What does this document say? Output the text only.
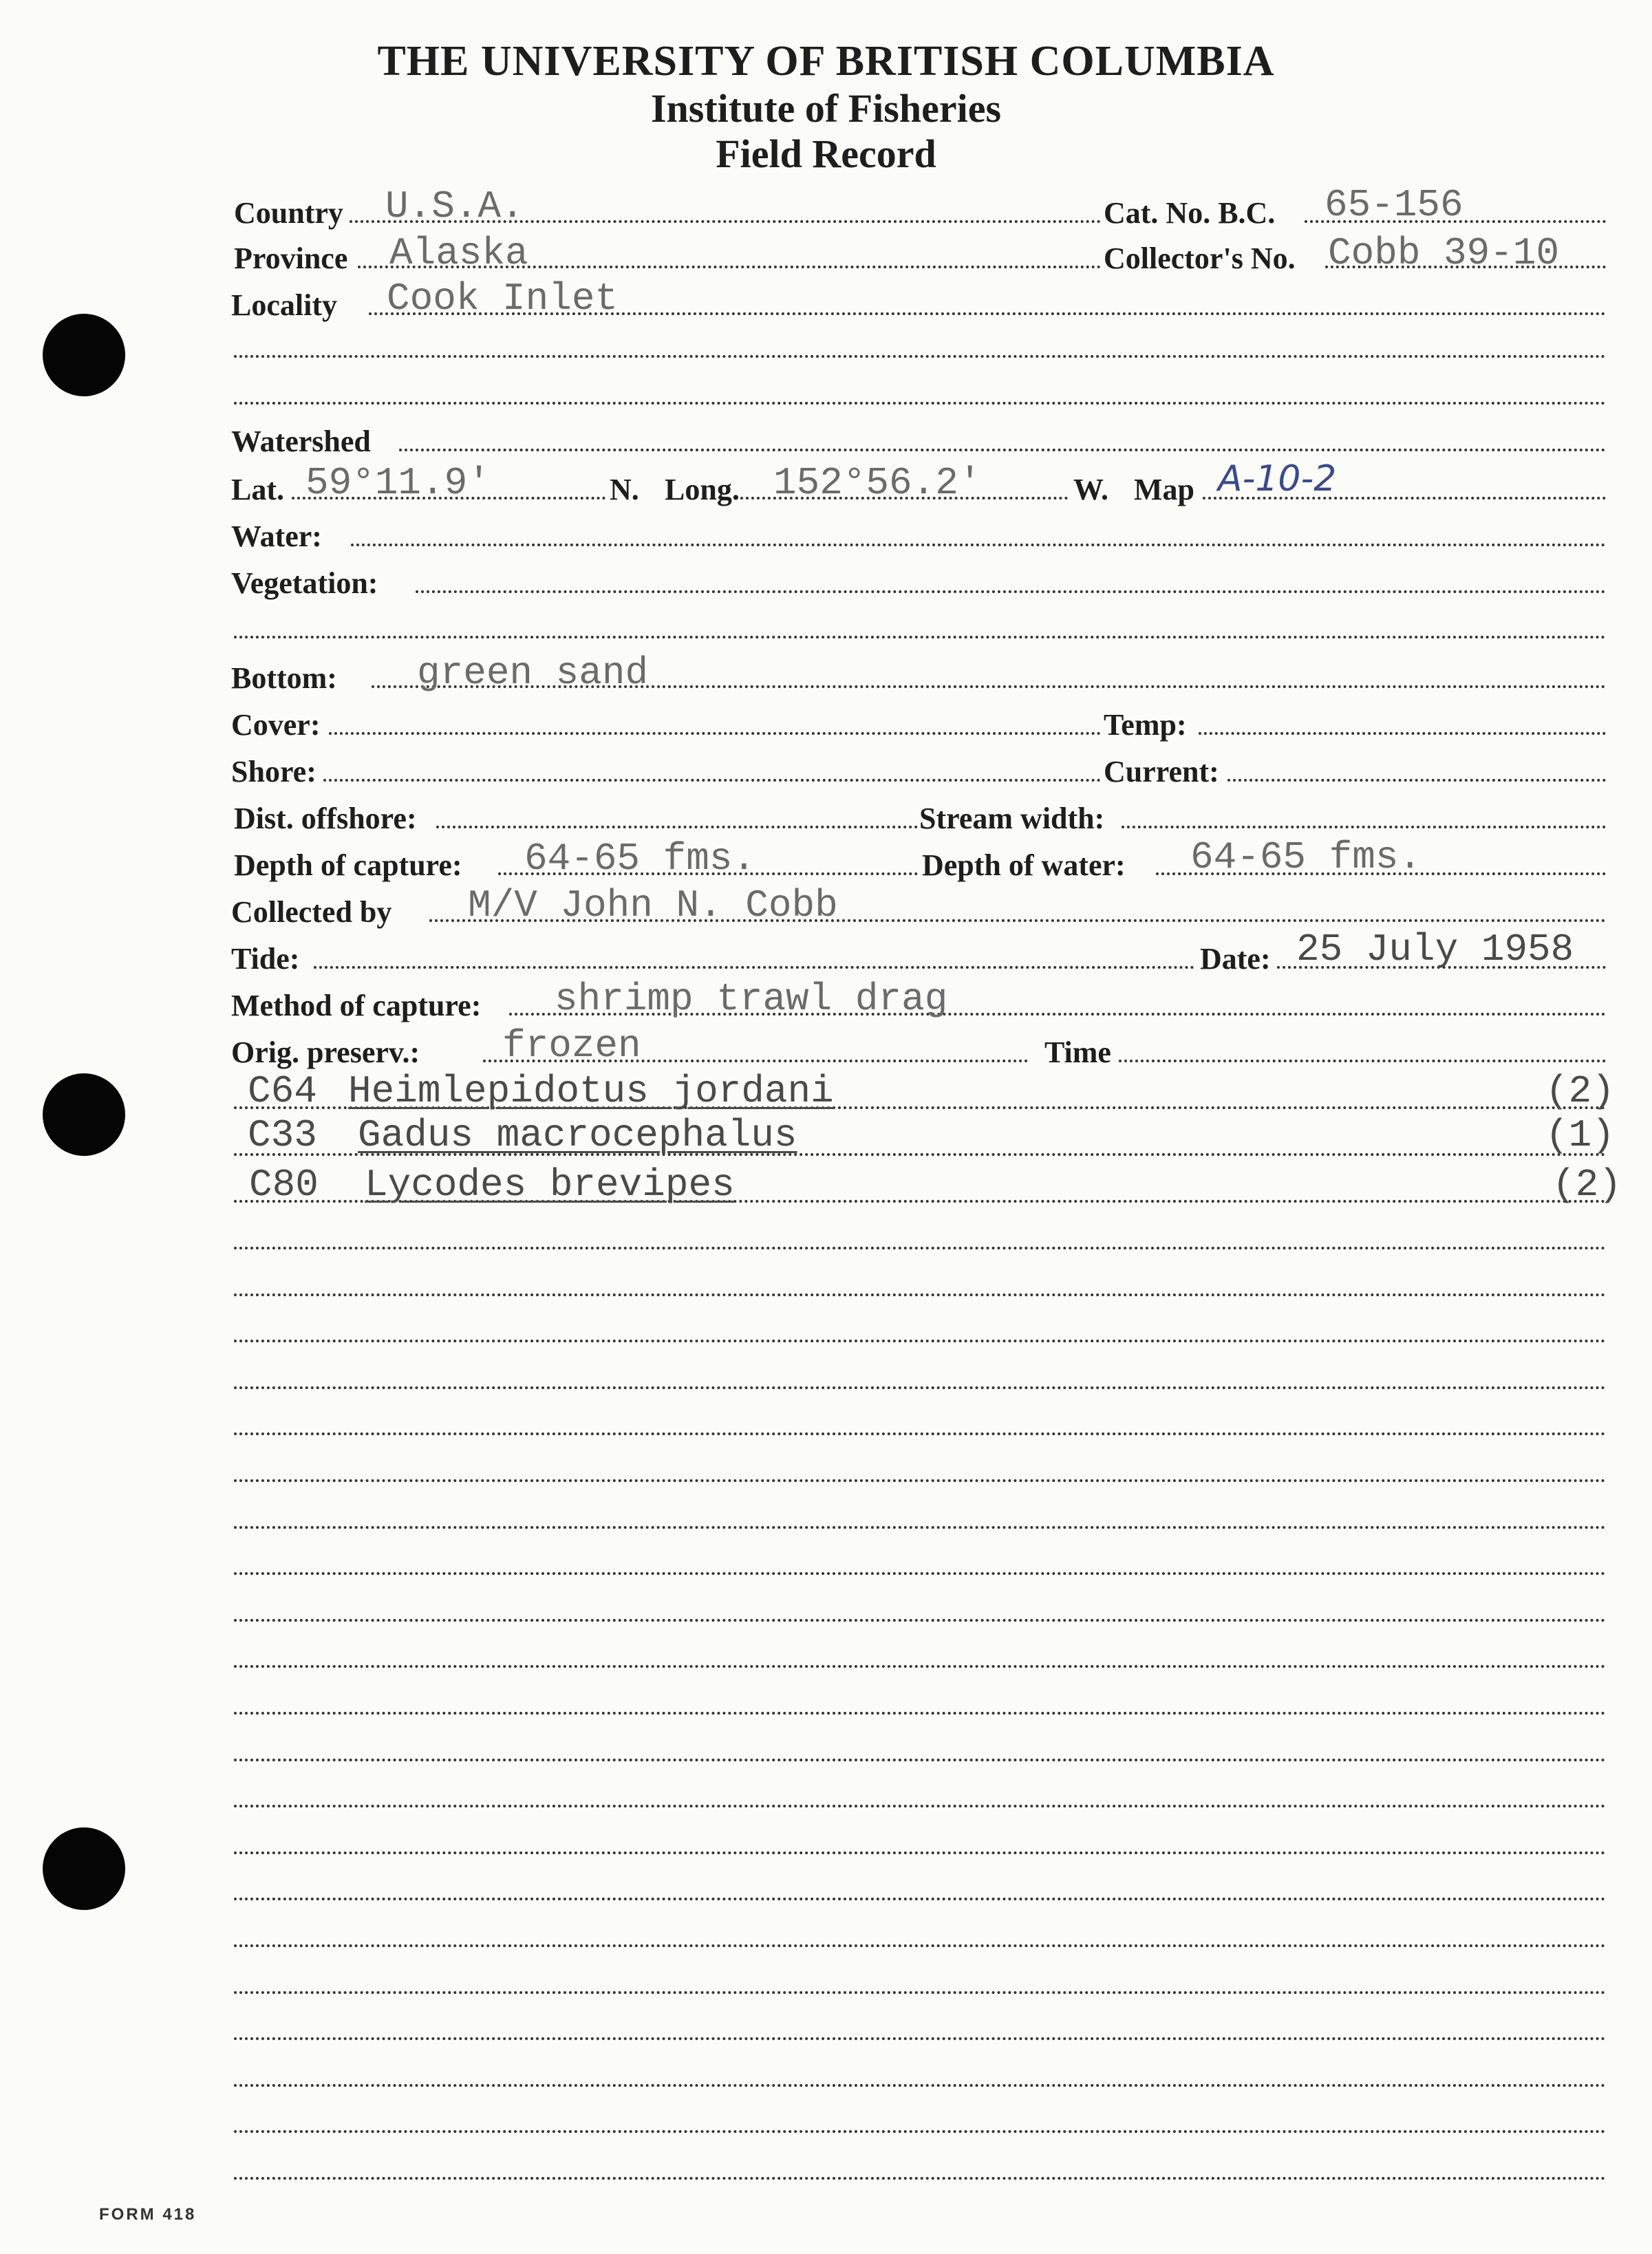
THE UNIVERSITY OF BRITISH COLUMBIA
Institute of Fisheries
Field Record
Country U.S.A.	Cat. No. B.C. 65-156
Province Alaska	Collector's No. Cobb 39-10
Locality Cook Inlet
Watershed
Lat. 59°11.9'	N. Long. 152°56.2'	W. Map A-10-2
Water:
Vegetation:
Bottom: green sand
Cover:	Temp:
Shore:	Current:
Dist. offshore:	Stream width:
Depth of capture: 64-65 fms.	Depth of water: 64-65 fms.
Collected by M/V John N. Cobb
Tide:	Date: 25 July 1958
Method of capture: shrimp trawl drag
Orig. preserv.: frozen	Time
C64 Heimlepidotus jordani	(2)
C33 Gadus macrocephalus	(1)
C80 Lycodes brevipes	(2)
FORM 418
